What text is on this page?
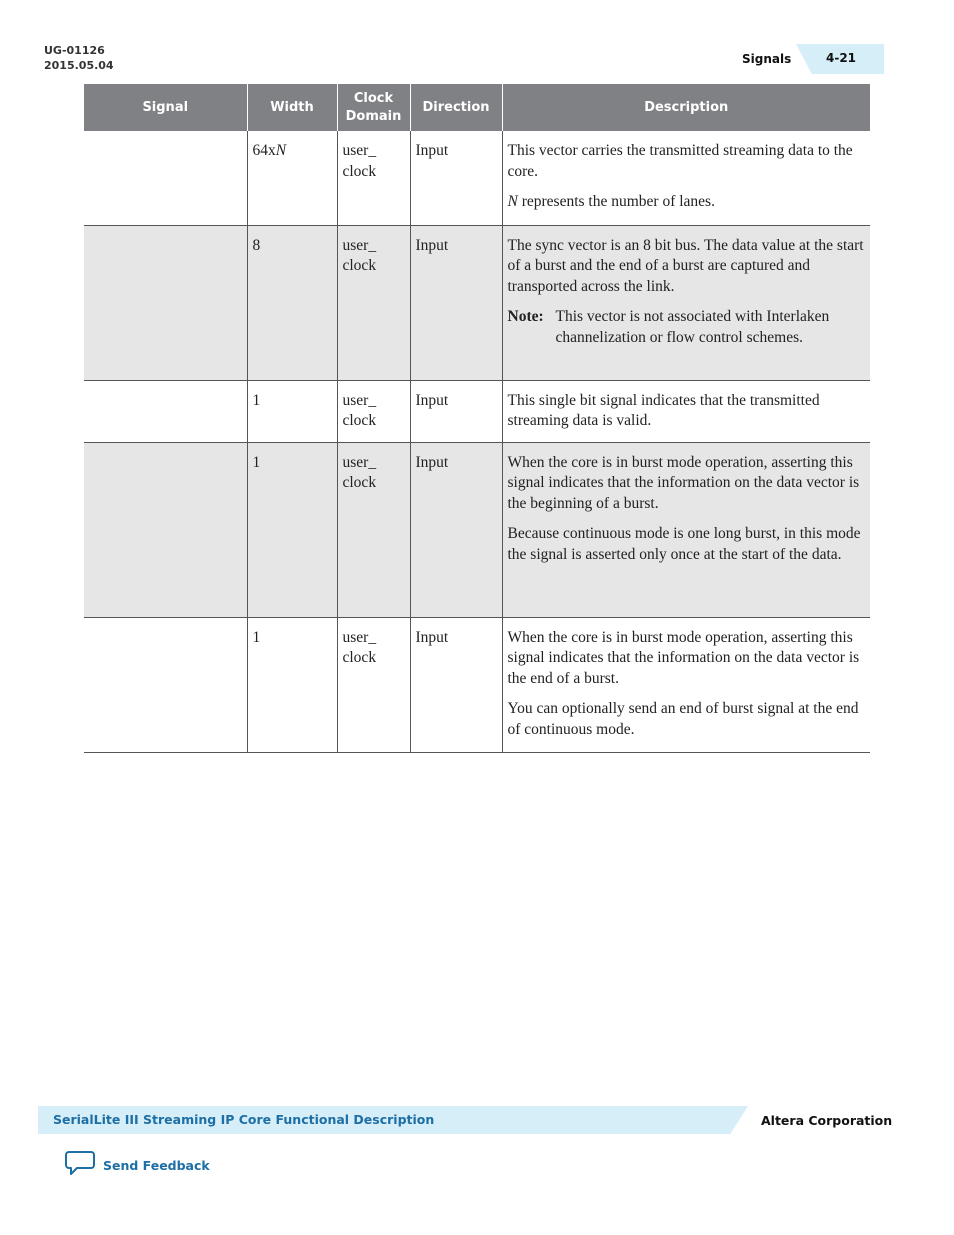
UG-01126
2015.05.04	Signals	4-21
Signal	Width	Clock Domain	Direction	Description
	64xN	user_ clock	Input	This vector carries the transmitted streaming data to the core.

N represents the number of lanes.

	8	user_ clock	Input	The sync vector is an 8 bit bus. The data value at the start of a burst and the end of a burst are captured and transported across the link.

Note: This vector is not associated with Interlaken channelization or flow control schemes.

	1	user_ clock	Input	This single bit signal indicates that the transmitted streaming data is valid.

	1	user_ clock	Input	When the core is in burst mode operation, asserting this signal indicates that the information on the data vector is the beginning of a burst.

Because continuous mode is one long burst, in this mode the signal is asserted only once at the start of the data.

	1	user_ clock	Input	When the core is in burst mode operation, asserting this signal indicates that the information on the data vector is the end of a burst.

You can optionally send an end of burst signal at the end of continuous mode.

SerialLite III Streaming IP Core Functional Description	Altera Corporation
Send Feedback
